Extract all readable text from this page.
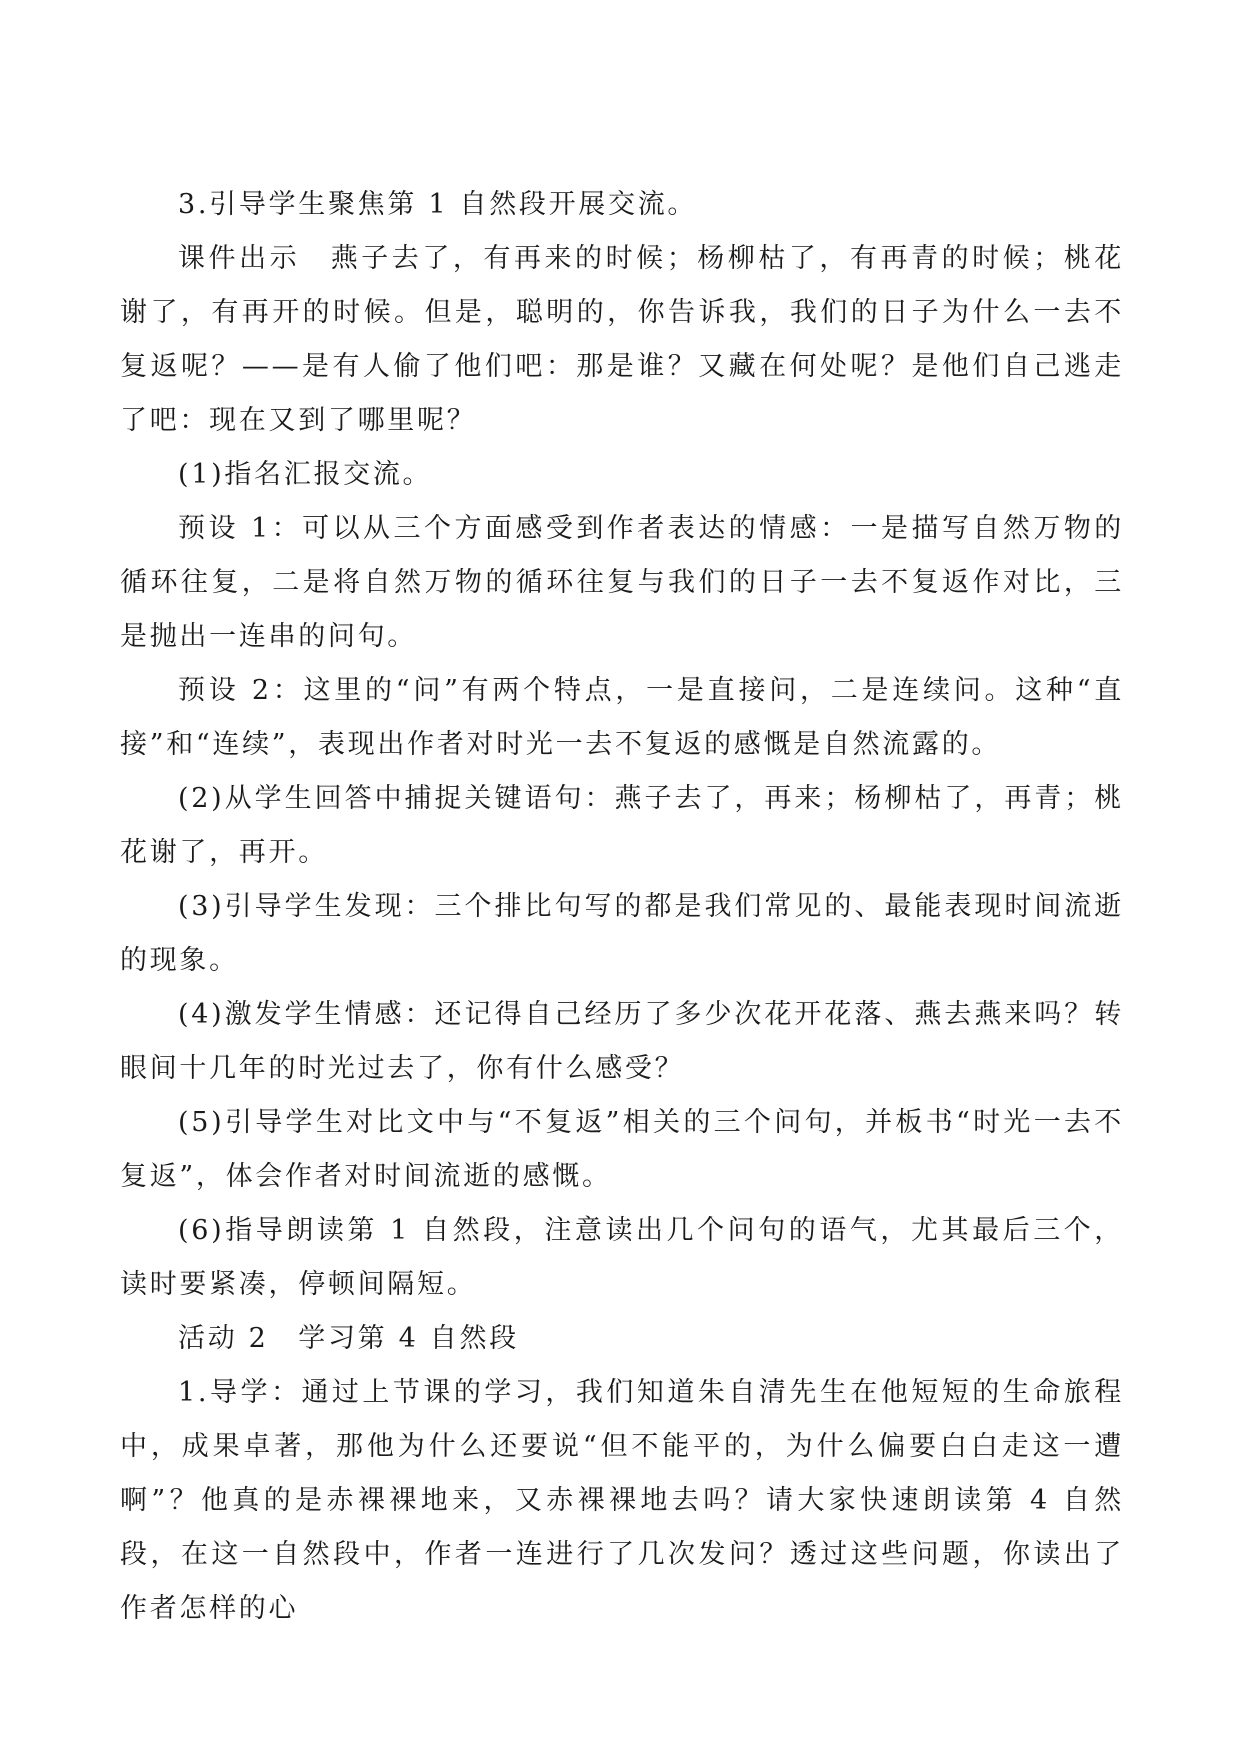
3.引导学生聚焦第 1 自然段开展交流。

课件出示　燕子去了，有再来的时候；杨柳枯了，有再青的时候；桃花谢了，有再开的时候。但是，聪明的，你告诉我，我们的日子为什么一去不复返呢？——是有人偷了他们吧：那是谁？又藏在何处呢？是他们自己逃走了吧：现在又到了哪里呢？

(1)指名汇报交流。

预设 1：可以从三个方面感受到作者表达的情感：一是描写自然万物的循环往复，二是将自然万物的循环往复与我们的日子一去不复返作对比，三是抛出一连串的问句。

预设 2：这里的“问”有两个特点，一是直接问，二是连续问。这种“直接”和“连续”，表现出作者对时光一去不复返的感慨是自然流露的。

(2)从学生回答中捕捉关键语句：燕子去了，再来；杨柳枯了，再青；桃花谢了，再开。

(3)引导学生发现：三个排比句写的都是我们常见的、最能表现时间流逝的现象。

(4)激发学生情感：还记得自己经历了多少次花开花落、燕去燕来吗？转眼间十几年的时光过去了，你有什么感受？

(5)引导学生对比文中与“不复返”相关的三个问句，并板书“时光一去不复返”，体会作者对时间流逝的感慨。

(6)指导朗读第 1 自然段，注意读出几个问句的语气，尤其最后三个，读时要紧凑，停顿间隔短。

活动 2　学习第 4 自然段

1.导学：通过上节课的学习，我们知道朱自清先生在他短短的生命旅程中，成果卓著，那他为什么还要说“但不能平的，为什么偏要白白走这一遭啊”？他真的是赤裸裸地来，又赤裸裸地去吗？请大家快速朗读第 4 自然段，在这一自然段中，作者一连进行了几次发问？透过这些问题，你读出了作者怎样的心
